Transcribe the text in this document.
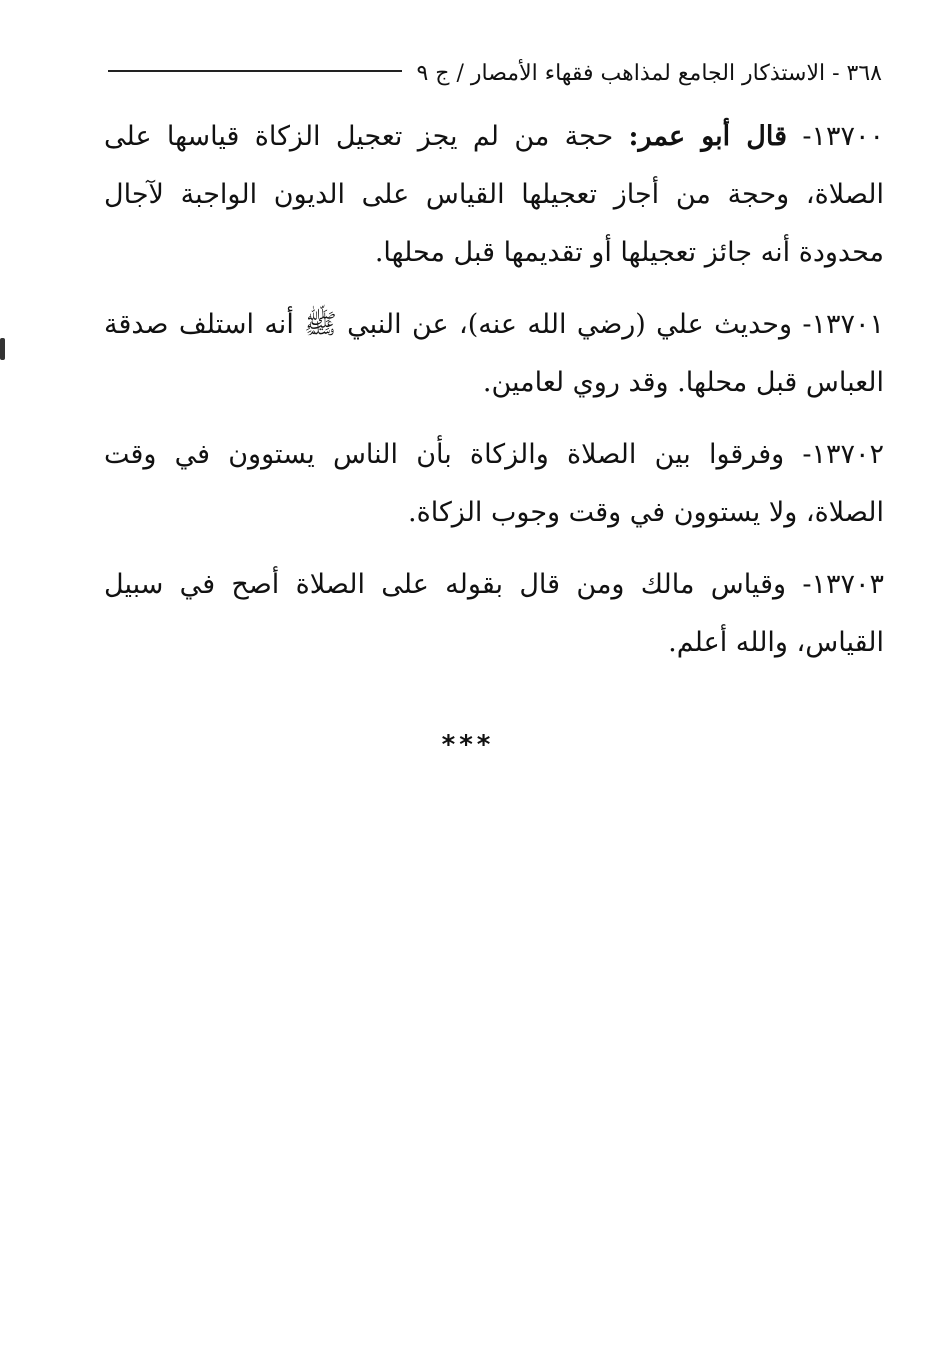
٣٦٨ - الاستذكار الجامع لمذاهب فقهاء الأمصار / ج ٩

١٣٧٠٠- قال أبو عمر: حجة من لم يجز تعجيل الزكاة قياسها على الصلاة، وحجة من أجاز تعجيلها القياس على الديون الواجبة لآجال محدودة أنه جائز تعجيلها أو تقديمها قبل محلها.

١٣٧٠١- وحديث علي (رضي الله عنه)، عن النبي ﷺ أنه استلف صدقة العباس قبل محلها. وقد روي لعامين.

١٣٧٠٢- وفرقوا بين الصلاة والزكاة بأن الناس يستوون في وقت الصلاة، ولا يستوون في وقت وجوب الزكاة.

١٣٧٠٣- وقياس مالك ومن قال بقوله على الصلاة أصح في سبيل القياس، والله أعلم.

***
